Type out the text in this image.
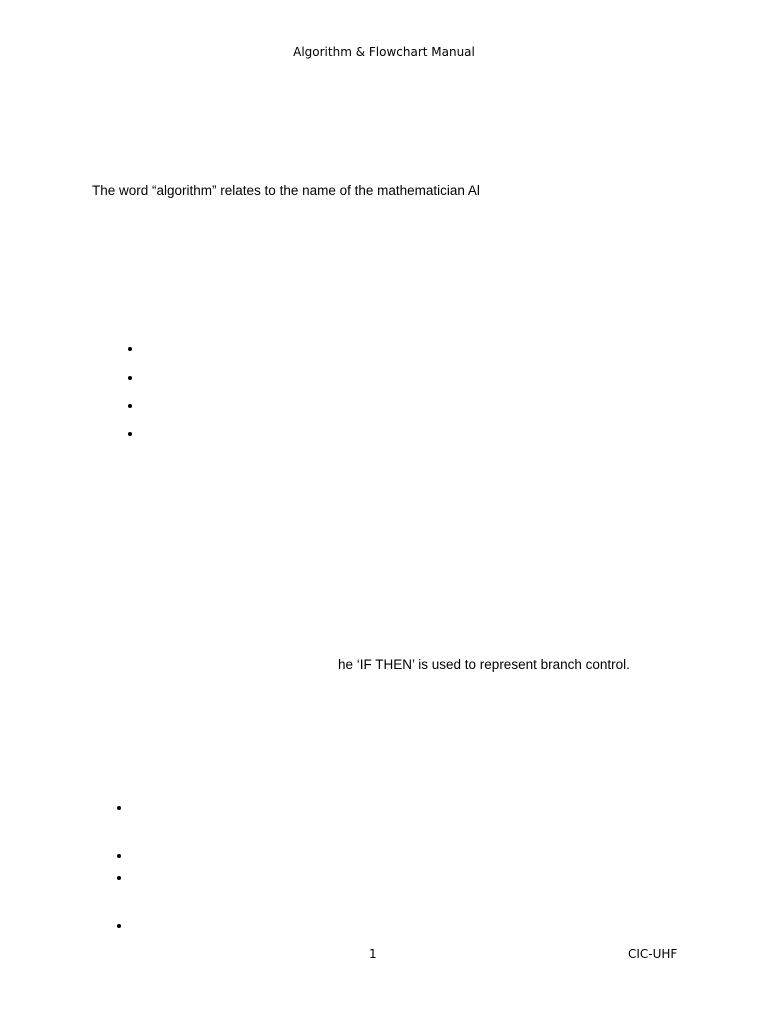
Algorithm & Flowchart Manual
The word “algorithm” relates to the name of the mathematician Al
he ‘IF THEN’ is used to represent branch control.
1	CIC-UHF
